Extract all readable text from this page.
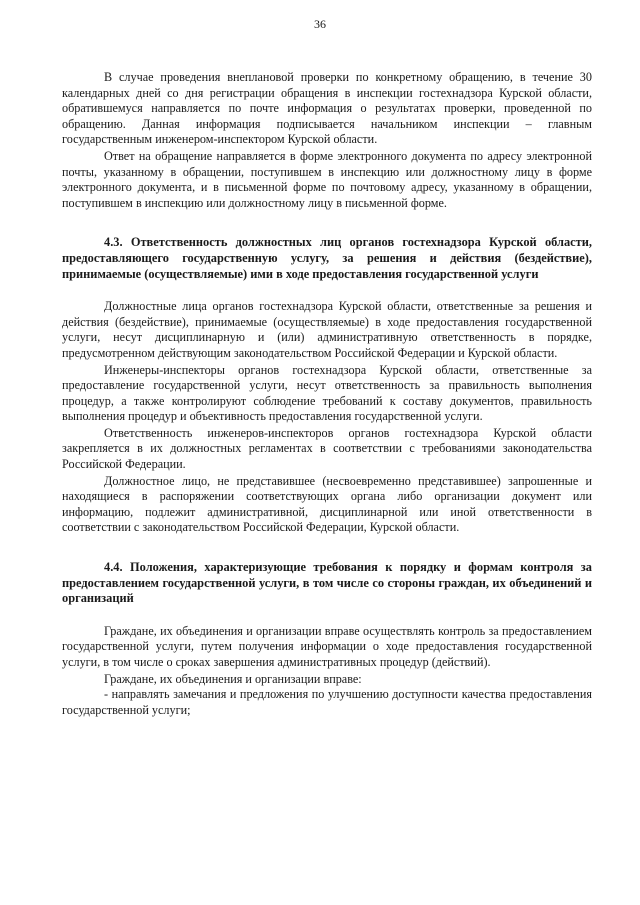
36

В случае проведения внеплановой проверки по конкретному обращению, в течение 30 календарных дней со дня регистрации обращения в инспекции гостехнадзора Курской области, обратившемуся направляется по почте информация о результатах проверки, проведенной по обращению. Данная информация подписывается начальником инспекции – главным государственным инженером-инспектором Курской области.

Ответ на обращение направляется в форме электронного документа по адресу электронной почты, указанному в обращении, поступившем в инспекцию или должностному лицу в форме электронного документа, и в письменной форме по почтовому адресу, указанному в обращении, поступившем в инспекцию или должностному лицу в письменной форме.

4.3. Ответственность должностных лиц органов гостехнадзора Курской области, предоставляющего государственную услугу, за решения и действия (бездействие), принимаемые (осуществляемые) ими в ходе предоставления государственной услуги

Должностные лица органов гостехнадзора Курской области, ответственные за решения и действия (бездействие), принимаемые (осуществляемые) в ходе предоставления государственной услуги, несут дисциплинарную и (или) административную ответственность в порядке, предусмотренном действующим законодательством Российской Федерации и Курской области.

Инженеры-инспекторы органов гостехнадзора Курской области, ответственные за предоставление государственной услуги, несут ответственность за правильность выполнения процедур, а также контролируют соблюдение требований к составу документов, правильность выполнения процедур и объективность предоставления государственной услуги.

Ответственность инженеров-инспекторов органов гостехнадзора Курской области закрепляется в их должностных регламентах в соответствии с требованиями законодательства Российской Федерации.

Должностное лицо, не представившее (несвоевременно представившее) запрошенные и находящиеся в распоряжении соответствующих органа либо организации документ или информацию, подлежит административной, дисциплинарной или иной ответственности в соответствии с законодательством Российской Федерации, Курской области.

4.4. Положения, характеризующие требования к порядку и формам контроля за предоставлением государственной услуги, в том числе со стороны граждан, их объединений и организаций

Граждане, их объединения и организации вправе осуществлять контроль за предоставлением государственной услуги, путем получения информации о ходе предоставления государственной услуги, в том числе о сроках завершения административных процедур (действий).

Граждане, их объединения и организации вправе:

- направлять замечания и предложения по улучшению доступности качества предоставления государственной услуги;
